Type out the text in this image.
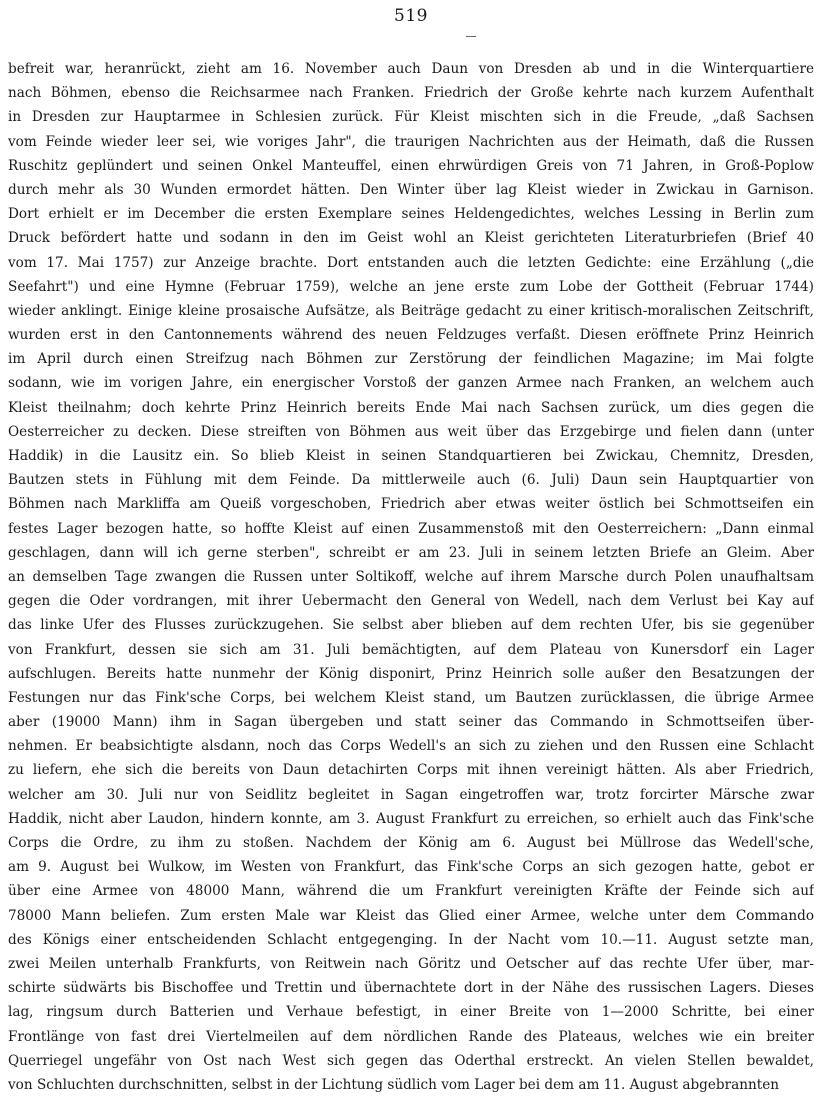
519
befreit war, heranrückt, zieht am 16. November auch Daun von Dresden ab und in die Winterquartiere
nach Böhmen, ebenso die Reichsarmee nach Franken. Friedrich der Große kehrte nach kurzem Aufenthalt
in Dresden zur Hauptarmee in Schlesien zurück. Für Kleist mischten sich in die Freude, „daß Sachsen
vom Feinde wieder leer sei, wie voriges Jahr", die traurigen Nachrichten aus der Heimath, daß die Russen
Ruschitz geplündert und seinen Onkel Manteuffel, einen ehrwürdigen Greis von 71 Jahren, in Groß-Poplow
durch mehr als 30 Wunden ermordet hätten. Den Winter über lag Kleist wieder in Zwickau in Garnison.
Dort erhielt er im December die ersten Exemplare seines Heldengedichtes, welches Lessing in Berlin zum
Druck befördert hatte und sodann in den im Geist wohl an Kleist gerichteten Literaturbriefen (Brief 40
vom 17. Mai 1757) zur Anzeige brachte. Dort entstanden auch die letzten Gedichte: eine Erzählung („die
Seefahrt") und eine Hymne (Februar 1759), welche an jene erste zum Lobe der Gottheit (Februar 1744)
wieder anklingt. Einige kleine prosaische Aufsätze, als Beiträge gedacht zu einer kritisch-moralischen Zeitschrift,
wurden erst in den Cantonnements während des neuen Feldzuges verfaßt. Diesen eröffnete Prinz Heinrich
im April durch einen Streifzug nach Böhmen zur Zerstörung der feindlichen Magazine; im Mai folgte
sodann, wie im vorigen Jahre, ein energischer Vorstoß der ganzen Armee nach Franken, an welchem auch
Kleist theilnahm; doch kehrte Prinz Heinrich bereits Ende Mai nach Sachsen zurück, um dies gegen die
Oesterreicher zu decken. Diese streiften von Böhmen aus weit über das Erzgebirge und fielen dann (unter
Haddik) in die Lausitz ein. So blieb Kleist in seinen Standquartieren bei Zwickau, Chemnitz, Dresden,
Bautzen stets in Fühlung mit dem Feinde. Da mittlerweile auch (6. Juli) Daun sein Hauptquartier von
Böhmen nach Markliffa am Queiß vorgeschoben, Friedrich aber etwas weiter östlich bei Schmottseifen ein
festes Lager bezogen hatte, so hoffte Kleist auf einen Zusammenstoß mit den Oesterreichern: „Dann einmal
geschlagen, dann will ich gerne sterben", schreibt er am 23. Juli in seinem letzten Briefe an Gleim. Aber
an demselben Tage zwangen die Russen unter Soltikoff, welche auf ihrem Marsche durch Polen unaufhaltsam
gegen die Oder vordrangen, mit ihrer Uebermacht den General von Wedell, nach dem Verlust bei Kay auf
das linke Ufer des Flusses zurückzugehen. Sie selbst aber blieben auf dem rechten Ufer, bis sie gegenüber
von Frankfurt, dessen sie sich am 31. Juli bemächtigten, auf dem Plateau von Kunersdorf ein Lager
aufschlugen. Bereits hatte nunmehr der König disponirt, Prinz Heinrich solle außer den Besatzungen der
Festungen nur das Fink'sche Corps, bei welchem Kleist stand, um Bautzen zurücklassen, die übrige Armee
aber (19000 Mann) ihm in Sagan übergeben und statt seiner das Commando in Schmottseifen über-
nehmen. Er beabsichtigte alsdann, noch das Corps Wedell's an sich zu ziehen und den Russen eine Schlacht
zu liefern, ehe sich die bereits von Daun detachirten Corps mit ihnen vereinigt hätten. Als aber Friedrich,
welcher am 30. Juli nur von Seidlitz begleitet in Sagan eingetroffen war, trotz forcirter Märsche zwar
Haddik, nicht aber Laudon, hindern konnte, am 3. August Frankfurt zu erreichen, so erhielt auch das Fink'sche
Corps die Ordre, zu ihm zu stoßen. Nachdem der König am 6. August bei Müllrose das Wedell'sche,
am 9. August bei Wulkow, im Westen von Frankfurt, das Fink'sche Corps an sich gezogen hatte, gebot er
über eine Armee von 48000 Mann, während die um Frankfurt vereinigten Kräfte der Feinde sich auf
78000 Mann beliefen. Zum ersten Male war Kleist das Glied einer Armee, welche unter dem Commando
des Königs einer entscheidenden Schlacht entgegenging. In der Nacht vom 10.—11. August setzte man,
zwei Meilen unterhalb Frankfurts, von Reitwein nach Göritz und Oetscher auf das rechte Ufer über, mar-
schirte südwärts bis Bischoffee und Trettin und übernachtete dort in der Nähe des russischen Lagers. Dieses
lag, ringsum durch Batterien und Verhaue befestigt, in einer Breite von 1—2000 Schritte, bei einer
Frontlänge von fast drei Viertelmeilen auf dem nördlichen Rande des Plateaus, welches wie ein breiter
Querriegel ungefähr von Ost nach West sich gegen das Oderthal erstreckt. An vielen Stellen bewaldet,
von Schluchten durchschnitten, selbst in der Lichtung südlich vom Lager bei dem am 11. August abgebrannten
